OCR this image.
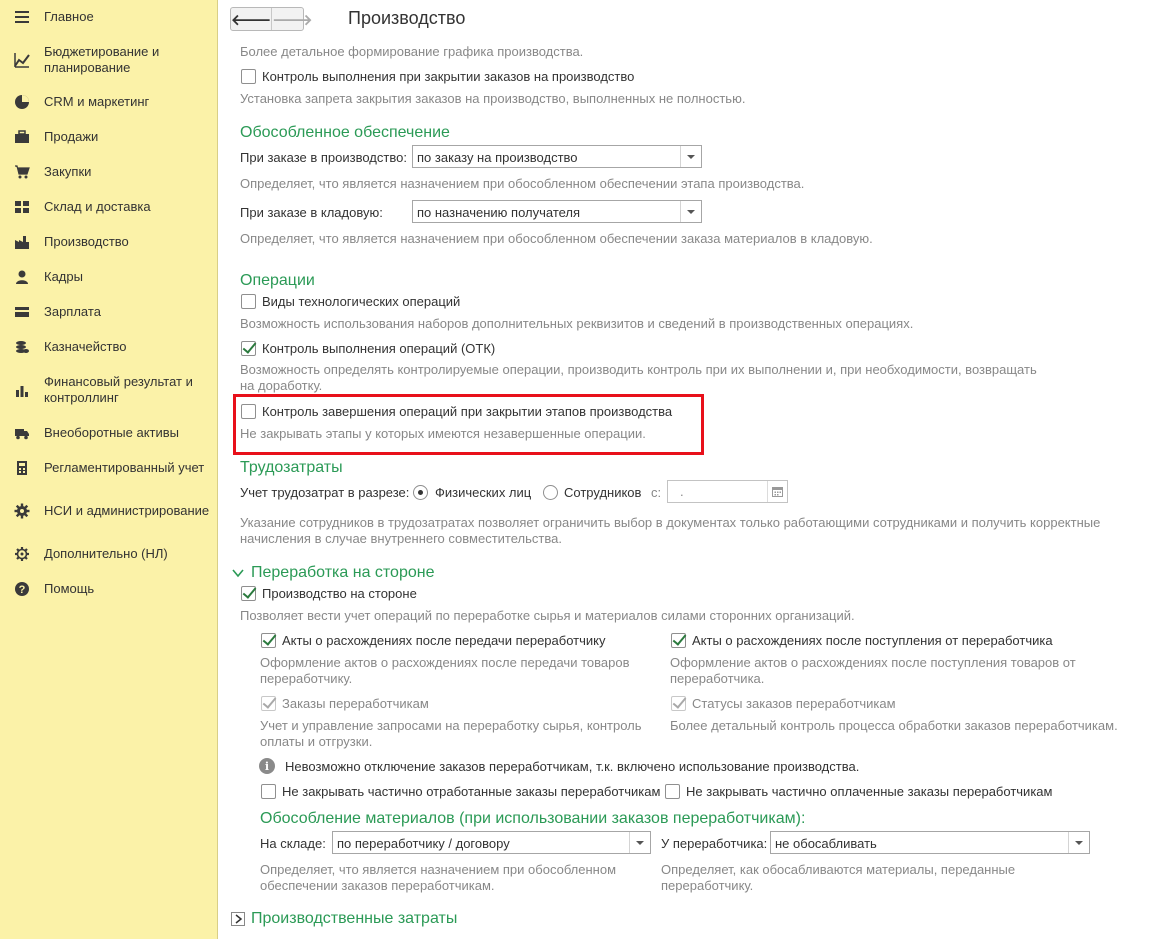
Главное
Бюджетирование и планирование
CRM и маркетинг
Продажи
Закупки
Склад и доставка
Производство
Кадры
Зарплата
Казначейство
Финансовый результат и контроллинг
Внеоборотные активы
Регламентированный учет
НСИ и администрирование
Дополнительно (НЛ)
? Помощь
🡐 🡒 Производство
Более детальное формирование графика производства.
Контроль выполнения при закрытии заказов на производство
Установка запрета закрытия заказов на производство, выполненных не полностью.
Обособленное обеспечение
При заказе в производство: по заказу на производство
Определяет, что является назначением при обособленном обеспечении этапа производства.
При заказе в кладовую:	по назначению получателя
Определяет, что является назначением при обособленном обеспечении заказа материалов в кладовую.
Операции
Виды технологических операций
Возможность использования наборов дополнительных реквизитов и сведений в производственных операциях.
Контроль выполнения операций (ОТК)
Возможность определять контролируемые операции, производить контроль при их выполнении и, при необходимости, возвращать на доработку.
Контроль завершения операций при закрытии этапов производства
Не закрывать этапы у которых имеются незавершенные операции.
Трудозатраты
Учет трудозатрат в разрезе: Физических лиц	Сотрудников с: .
Указание сотрудников в трудозатратах позволяет ограничить выбор в документах только работающими сотрудниками и получить корректные начисления в случае внутреннего совместительства.
Переработка на стороне
Производство на стороне
Позволяет вести учет операций по переработке сырья и материалов силами сторонних организаций.
Акты о расхождениях после передачи переработчику
Оформление актов о расхождениях после передачи товаров переработчику.
Акты о расхождениях после поступления от переработчика
Оформление актов о расхождениях после поступления товаров от переработчика.
Заказы переработчикам
Учет и управление запросами на переработку сырья, контроль оплаты и отгрузки.
Статусы заказов переработчикам
Более детальный контроль процесса обработки заказов переработчикам.
i	Невозможно отключение заказов переработчикам, т.к. включено использование производства.
Не закрывать частично отработанные заказы переработчикам Не закрывать частично оплаченные заказы переработчикам
Обособление материалов (при использовании заказов переработчикам):
На складе: по переработчику / договору
Определяет, что является назначением при обособленном обеспечении заказов переработчикам.
У переработчика: не обосабливать
Определяет, как обосабливаются материалы, переданные переработчику.
Производственные затраты
